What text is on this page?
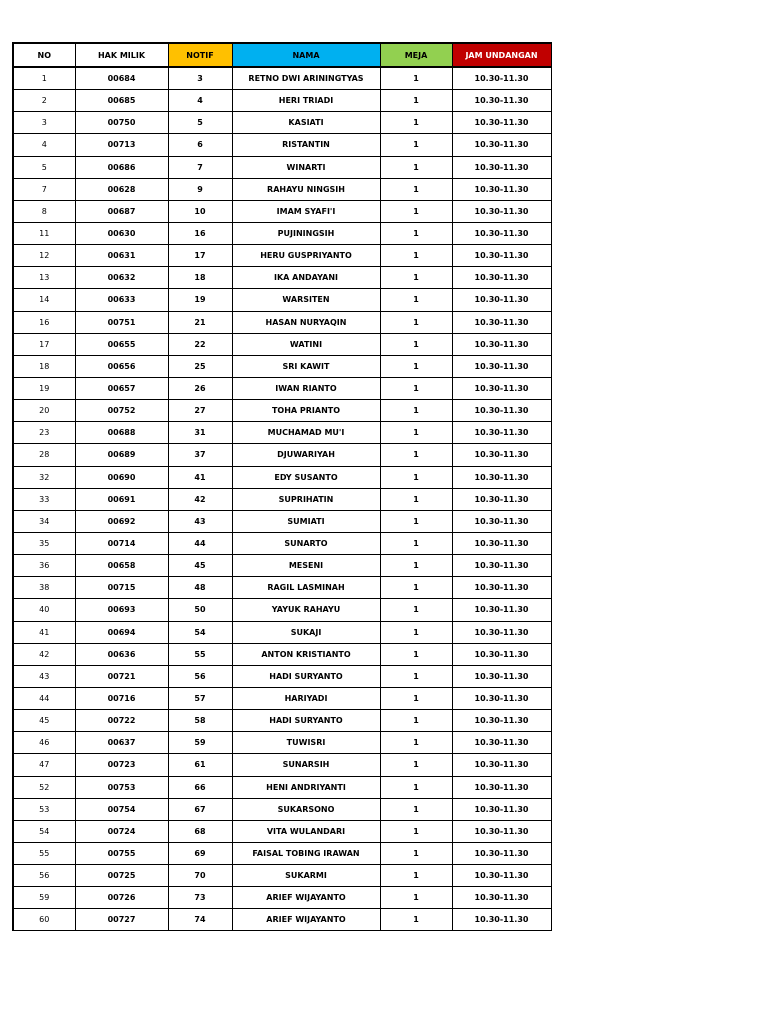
NO	HAK MILIK	NOTIF	NAMA	MEJA	JAM UNDANGAN
1	00684	3	RETNO DWI ARININGTYAS	1	10.30-11.30
2	00685	4	HERI TRIADI	1	10.30-11.30
3	00750	5	KASIATI	1	10.30-11.30
4	00713	6	RISTANTIN	1	10.30-11.30
5	00686	7	WINARTI	1	10.30-11.30
7	00628	9	RAHAYU NINGSIH	1	10.30-11.30
8	00687	10	IMAM SYAFI'I	1	10.30-11.30
11	00630	16	PUJININGSIH	1	10.30-11.30
12	00631	17	HERU GUSPRIYANTO	1	10.30-11.30
13	00632	18	IKA ANDAYANI	1	10.30-11.30
14	00633	19	WARSITEN	1	10.30-11.30
16	00751	21	HASAN NURYAQIN	1	10.30-11.30
17	00655	22	WATINI	1	10.30-11.30
18	00656	25	SRI KAWIT	1	10.30-11.30
19	00657	26	IWAN RIANTO	1	10.30-11.30
20	00752	27	TOHA PRIANTO	1	10.30-11.30
23	00688	31	MUCHAMAD MU'I	1	10.30-11.30
28	00689	37	DJUWARIYAH	1	10.30-11.30
32	00690	41	EDY SUSANTO	1	10.30-11.30
33	00691	42	SUPRIHATIN	1	10.30-11.30
34	00692	43	SUMIATI	1	10.30-11.30
35	00714	44	SUNARTO	1	10.30-11.30
36	00658	45	MESENI	1	10.30-11.30
38	00715	48	RAGIL LASMINAH	1	10.30-11.30
40	00693	50	YAYUK RAHAYU	1	10.30-11.30
41	00694	54	SUKAJI	1	10.30-11.30
42	00636	55	ANTON KRISTIANTO	1	10.30-11.30
43	00721	56	HADI SURYANTO	1	10.30-11.30
44	00716	57	HARIYADI	1	10.30-11.30
45	00722	58	HADI SURYANTO	1	10.30-11.30
46	00637	59	TUWISRI	1	10.30-11.30
47	00723	61	SUNARSIH	1	10.30-11.30
52	00753	66	HENI ANDRIYANTI	1	10.30-11.30
53	00754	67	SUKARSONO	1	10.30-11.30
54	00724	68	VITA WULANDARI	1	10.30-11.30
55	00755	69	FAISAL TOBING IRAWAN	1	10.30-11.30
56	00725	70	SUKARMI	1	10.30-11.30
59	00726	73	ARIEF WIJAYANTO	1	10.30-11.30
60	00727	74	ARIEF WIJAYANTO	1	10.30-11.30
